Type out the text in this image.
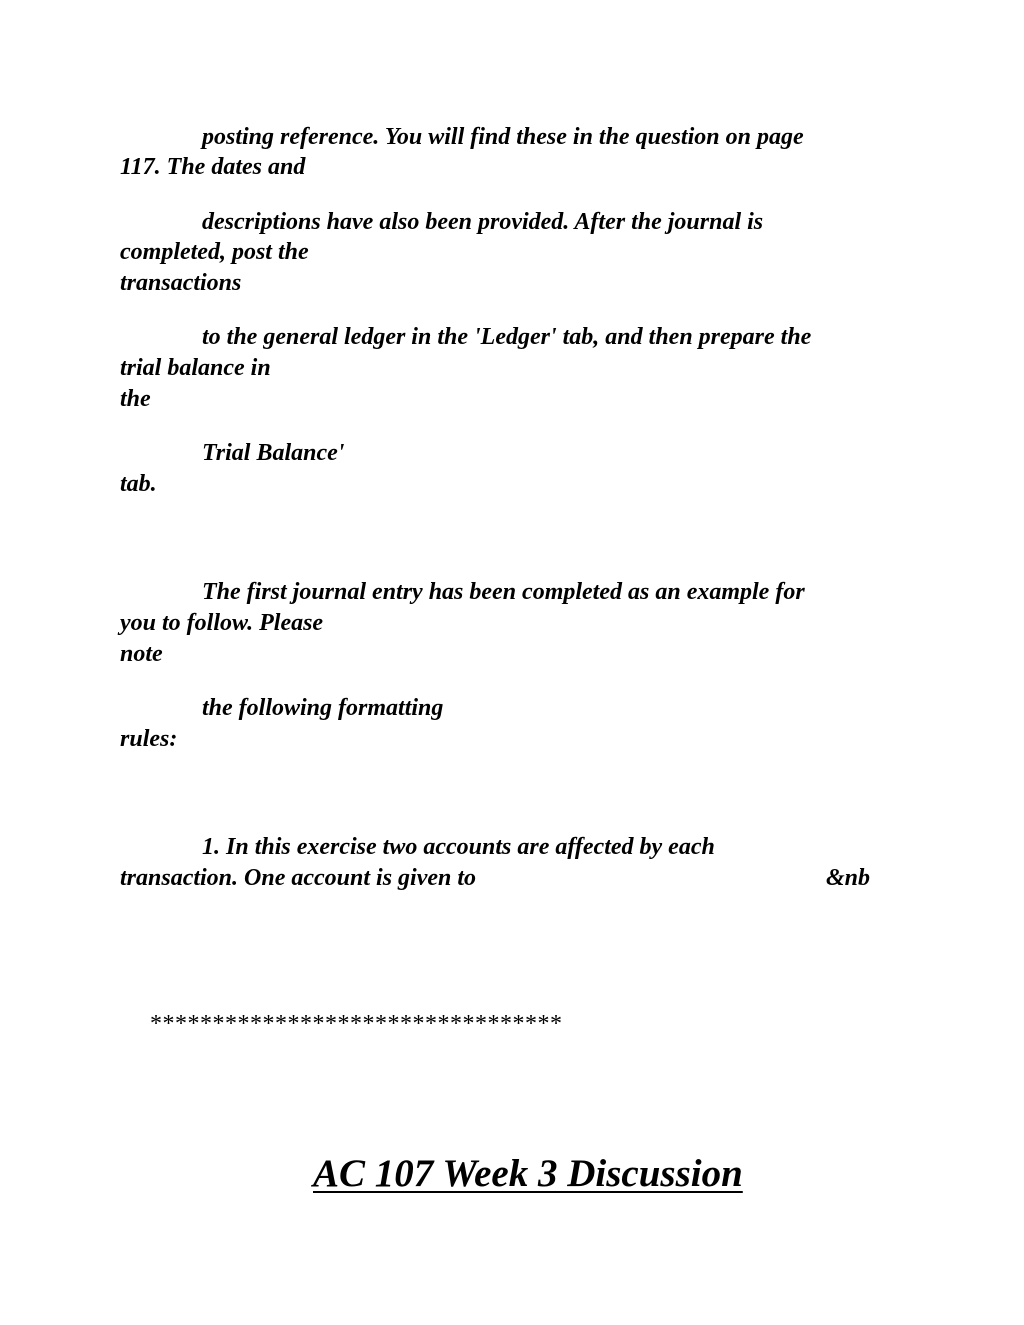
posting reference. You will find these in the question on page
117. The dates and
descriptions have also been provided. After the journal is
completed, post the
transactions
to the general ledger in the 'Ledger' tab, and then prepare the
trial balance in
the
Trial Balance'
tab.
The first journal entry has been completed as an example for
you to follow. Please
note
the following formatting
rules:
1. In this exercise two accounts are affected by each
transaction. One account is given to	&nb
*********************************
AC 107 Week 3 Discussion
